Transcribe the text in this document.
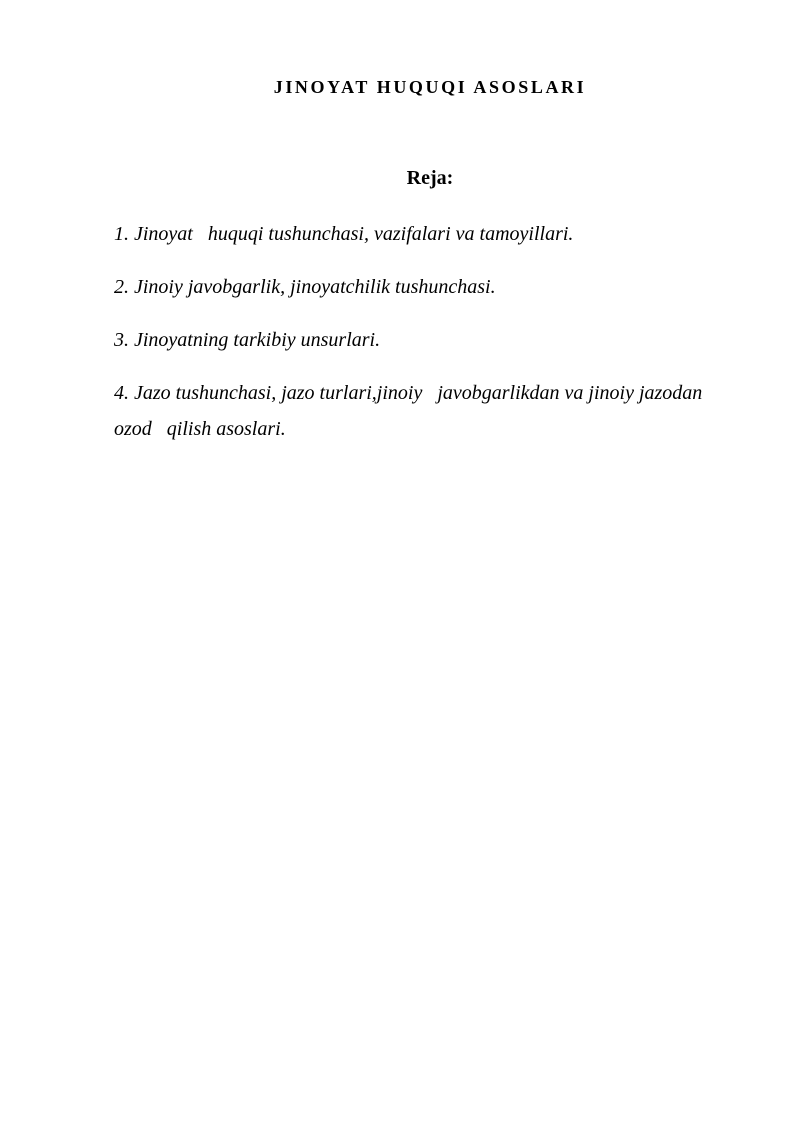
JINOYAT HUQUQI ASOSLARI
Reja:
1. Jinoyat   huquqi tushunchasi, vazifalari va tamoyillari.
2. Jinoiy javobgarlik, jinoyatchilik tushunchasi.
3. Jinoyatning tarkibiy unsurlari.
4. Jazo tushunchasi, jazo turlari,jinoiy   javobgarlikdan va jinoiy jazodan ozod   qilish asoslari.
